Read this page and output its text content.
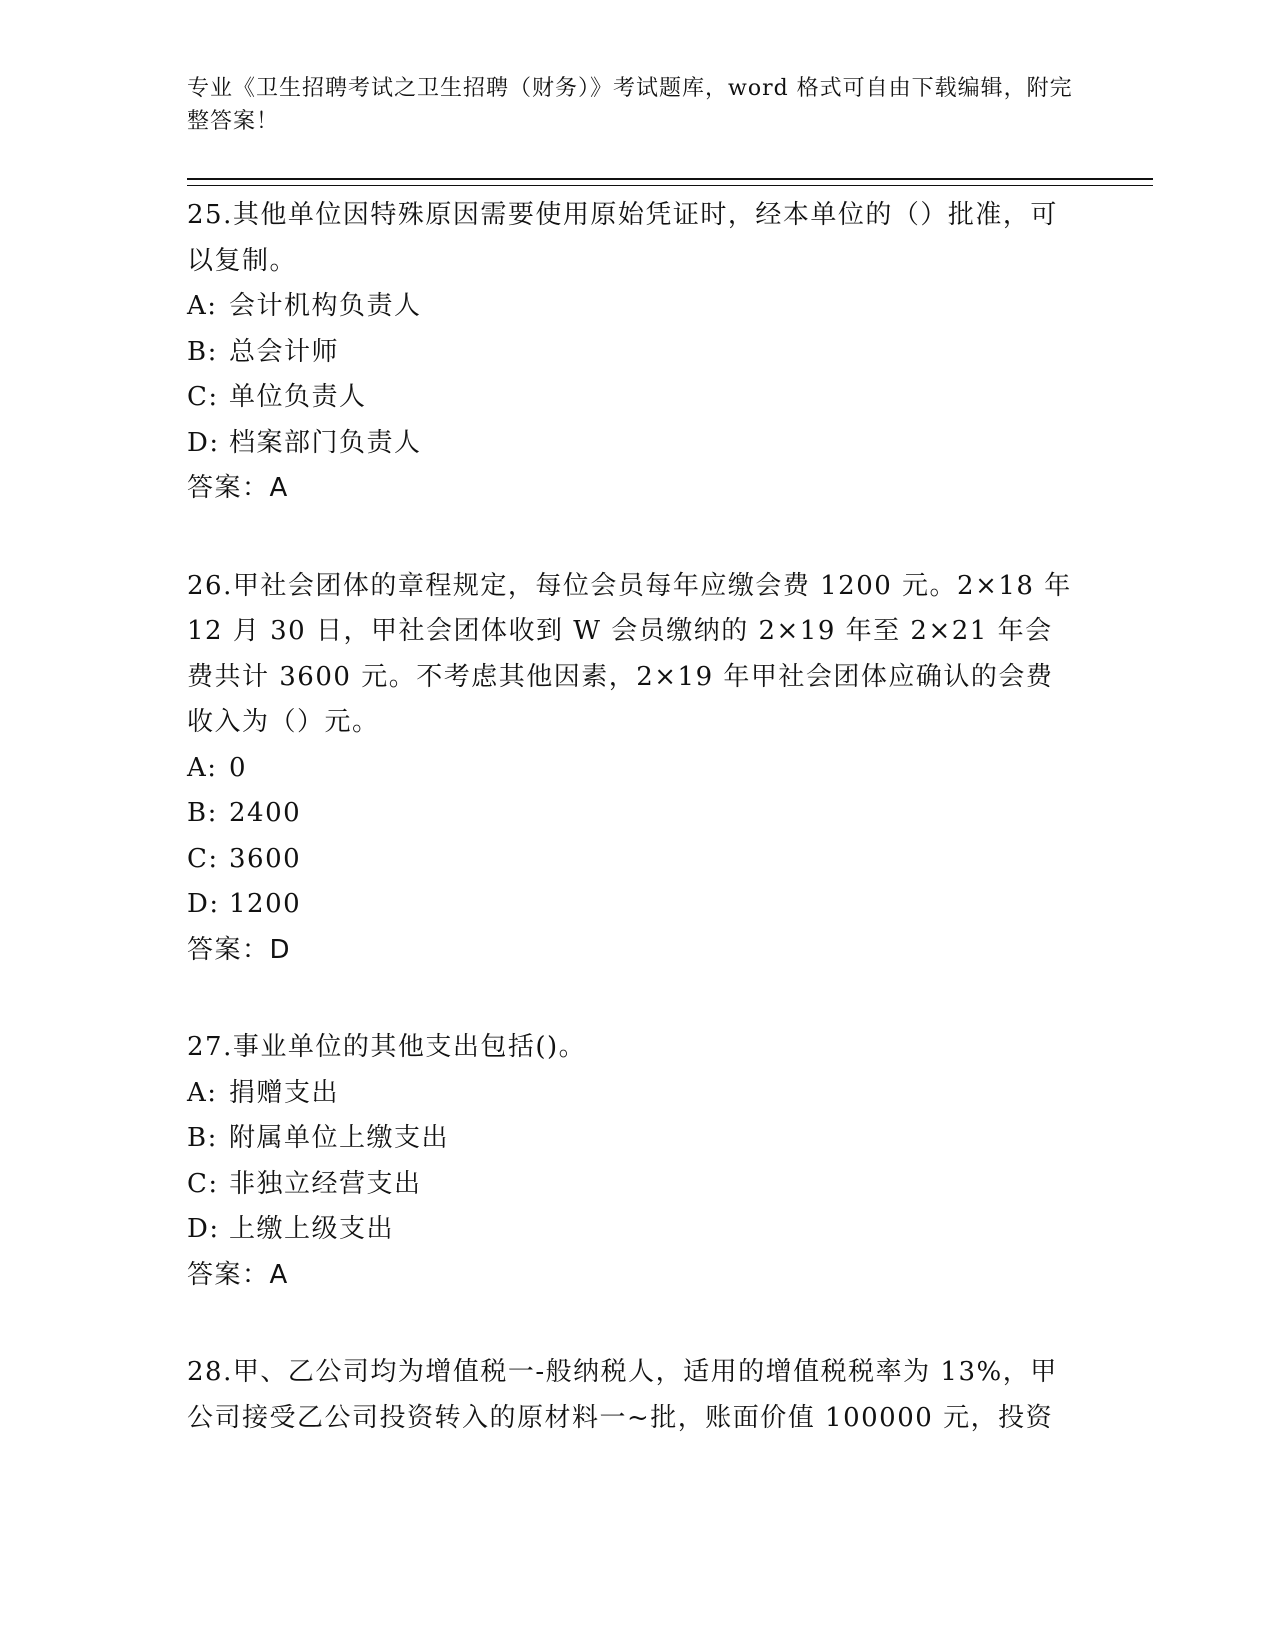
专业《卫生招聘考试之卫生招聘（财务）》考试题库，word 格式可自由下载编辑，附完整答案！

25.其他单位因特殊原因需要使用原始凭证时，经本单位的（）批准，可以复制。

A: 会计机构负责人

B: 总会计师

C: 单位负责人

D: 档案部门负责人

答案：A

26.甲社会团体的章程规定，每位会员每年应缴会费 1200 元。2×18 年 12 月 30 日，甲社会团体收到 W 会员缴纳的 2×19 年至 2×21 年会费共计 3600 元。不考虑其他因素，2×19 年甲社会团体应确认的会费收入为（）元。

A: 0

B: 2400

C: 3600

D: 1200

答案：D

27.事业单位的其他支出包括()。

A: 捐赠支出

B: 附属单位上缴支出

C: 非独立经营支出

D: 上缴上级支出

答案：A

28.甲、乙公司均为增值税一-般纳税人，适用的增值税税率为 13%，甲公司接受乙公司投资转入的原材料一~批，账面价值 100000 元，投资
